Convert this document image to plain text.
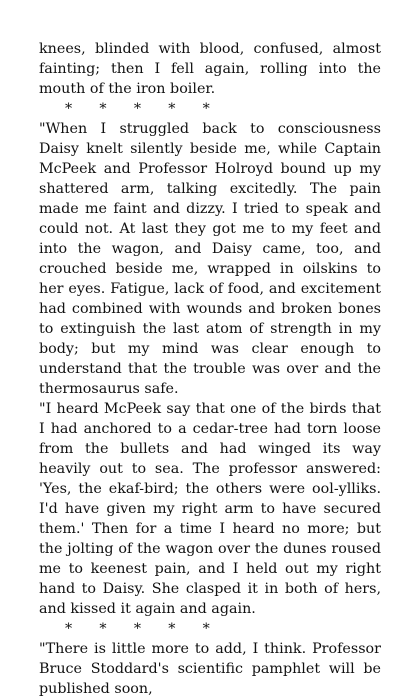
knees, blinded with blood, confused, almost fainting; then I fell again, rolling into the mouth of the iron boiler.

*      *      *      *      *

"When I struggled back to consciousness Daisy knelt silently beside me, while Captain McPeek and Professor Holroyd bound up my shattered arm, talking excitedly. The pain made me faint and dizzy. I tried to speak and could not. At last they got me to my feet and into the wagon, and Daisy came, too, and crouched beside me, wrapped in oilskins to her eyes. Fatigue, lack of food, and excitement had combined with wounds and broken bones to extinguish the last atom of strength in my body; but my mind was clear enough to understand that the trouble was over and the thermosaurus safe.

"I heard McPeek say that one of the birds that I had anchored to a cedar-tree had torn loose from the bullets and had winged its way heavily out to sea. The professor answered: 'Yes, the ekaf-bird; the others were ool-ylliks. I'd have given my right arm to have secured them.' Then for a time I heard no more; but the jolting of the wagon over the dunes roused me to keenest pain, and I held out my right hand to Daisy. She clasped it in both of hers, and kissed it again and again.

*      *      *      *      *

"There is little more to add, I think. Professor Bruce Stoddard's scientific pamphlet will be published soon,
